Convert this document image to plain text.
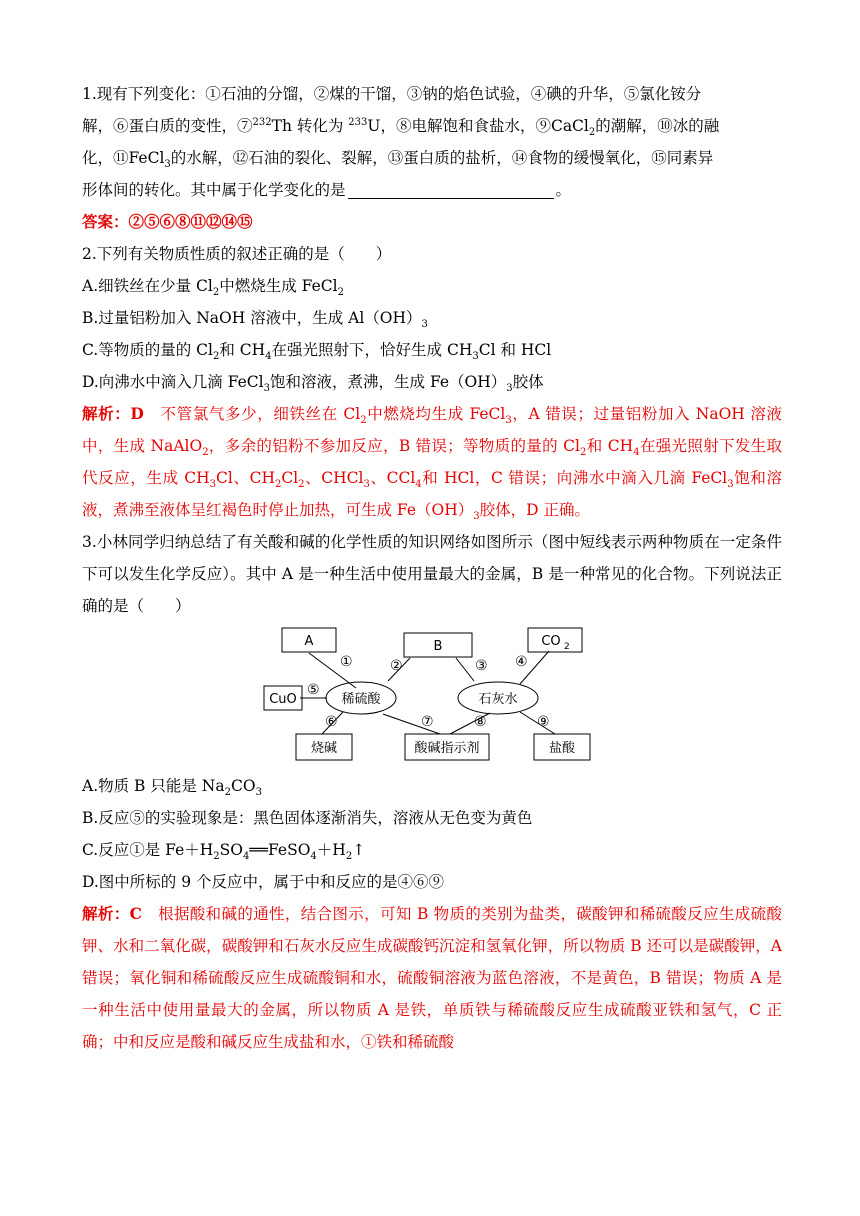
1.现有下列变化：①石油的分馏，②煤的干馏，③钠的焰色试验，④碘的升华，⑤氯化铵分
解，⑥蛋白质的变性，⑦$^{232}$Th 转化为 $^{233}$U，⑧电解饱和食盐水，⑨CaCl$_2$的潮解，⑩冰的融
化，⑪FeCl$_3$的水解，⑫石油的裂化、裂解，⑬蛋白质的盐析，⑭食物的缓慢氧化，⑮同素异
形体间的转化。其中属于化学变化的是	。
答案：②⑤⑥⑧⑪⑫⑭⑮
2.下列有关物质性质的叙述正确的是（　　）
A.细铁丝在少量 $Cl_2$中燃烧生成 FeCl$_2$
B.过量铝粉加入 NaOH 溶液中，生成 $Al(OH)_3$
C.等物质的量的 $Cl_2$和 $CH_4$在强光照射下，恰好生成 $CH_3Cl$ 和 HCl
D.向沸水中滴入几滴 FeCl$_3$饱和溶液，煮沸，生成 $Fe(OH)_3$胶体
解析：D　不管氯气多少，细铁丝在 $Cl_2$中燃烧均生成 FeCl$_3$，A 错误；过量铝粉加入 NaOH 溶液中，生成 NaAlO$_2$，多余的铝粉不参加反应，B 错误；等物质的量的 $Cl_2$和 $CH_4$在强光照射下发生取代反应，生成 $CH_3Cl$、$CH_2Cl_2$、CHCl$_3$、CCl$_4$和 HCl，C 错误；向沸水中滴入几滴 FeCl$_3$饱和溶液，煮沸至液体呈红褐色时停止加热，可生成 $Fe(OH)_3$胶体，D 正确。
3.小林同学归纳总结了有关酸和碱的化学性质的知识网络如图所示（图中短线表示两种物质在一定条件下可以发生化学反应）。其中 A 是一种生活中使用量最大的金属，B 是一种常见的化合物。下列说法正确的是（　　）
A	B	CO 2
CuO	稀硫酸	石灰水
烧碱	酸碱指示剂	盐酸
①	②	③ ④
⑤
⑥	⑦	⑧	⑨
A.物质 B 只能是 $Na_2CO_3$
B.反应⑤的实验现象是：黑色固体逐渐消失，溶液从无色变为黄色
C.反应①是 $Fe+H_2SO_4══FeSO_4+H_2↑$
D.图中所标的 9 个反应中，属于中和反应的是④⑥⑨
解析：C　根据酸和碱的通性，结合图示，可知 B 物质的类别为盐类，碳酸钾和稀硫酸反应生成硫酸钾、水和二氧化碳，碳酸钾和石灰水反应生成碳酸钙沉淀和氢氧化钾，所以物质 B 还可以是碳酸钾，A 错误；氧化铜和稀硫酸反应生成硫酸铜和水，硫酸铜溶液为蓝色溶液，不是黄色，B 错误；物质 A 是一种生活中使用量最大的金属，所以物质 A 是铁，单质铁与稀硫酸反应生成硫酸亚铁和氢气，C 正确；中和反应是酸和碱反应生成盐和水，①铁和稀硫酸
